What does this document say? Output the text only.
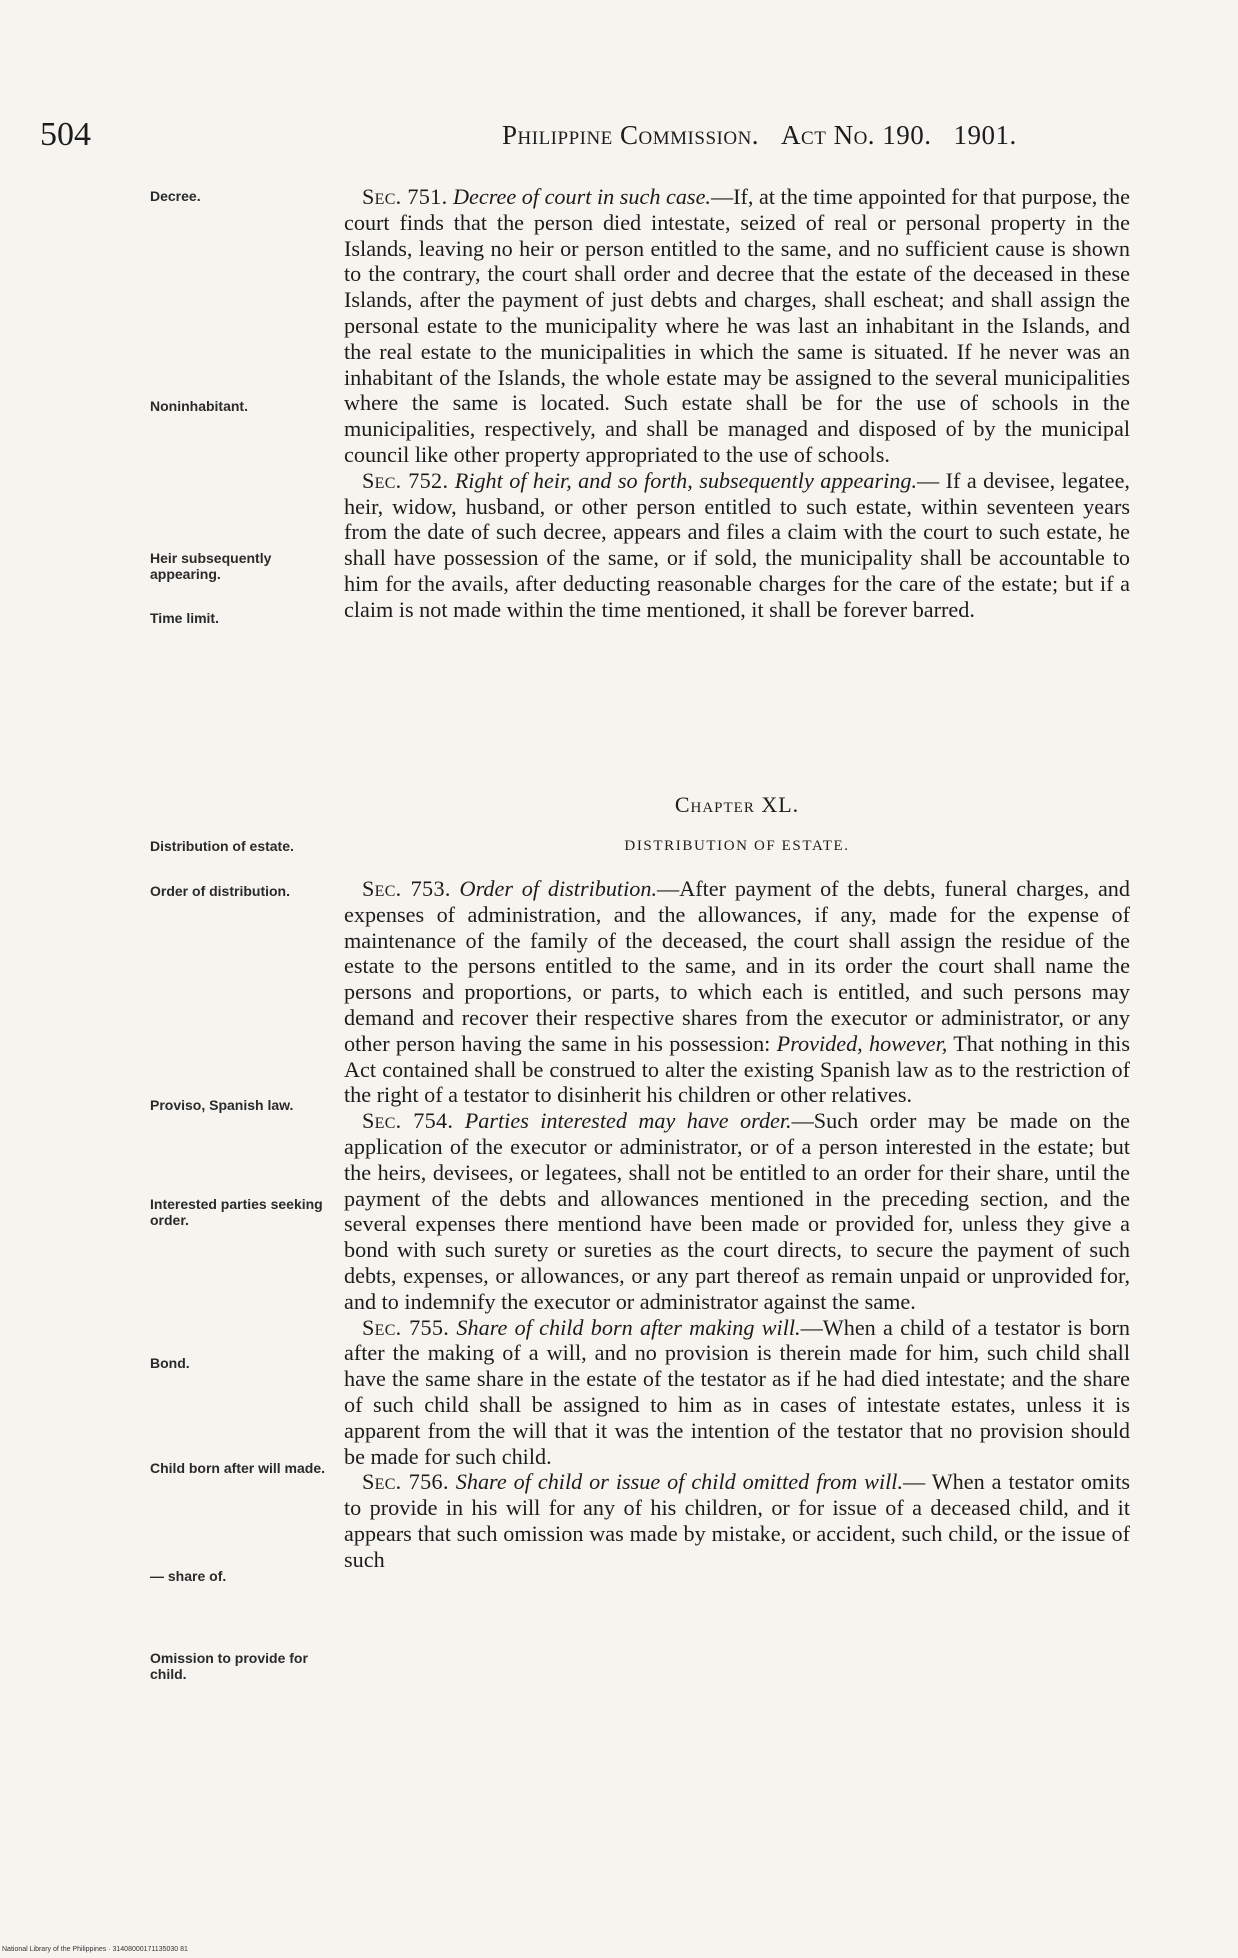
504	Philippine Commission. Act No. 190. 1901.
Decree.
Noninhabitant.
Heir subsequently appearing.
Time limit.
Distribution of estate.
Order of distribution.
Proviso, Spanish law.
Interested parties seeking order.
Bond.
Child born after will made.
— share of.
Omission to provide for child.

Sec. 751. Decree of court in such case.—If, at the time appointed for that purpose, the court finds that the person died intestate, seized of real or personal property in the Islands, leaving no heir or person entitled to the same, and no sufficient cause is shown to the contrary, the court shall order and decree that the estate of the deceased in these Islands, after the payment of just debts and charges, shall escheat; and shall assign the personal estate to the municipality where he was last an inhabitant in the Islands, and the real estate to the municipalities in which the same is situated. If he never was an inhabitant of the Islands, the whole estate may be assigned to the several municipalities where the same is located. Such estate shall be for the use of schools in the municipalities, respectively, and shall be managed and disposed of by the municipal council like other property appropriated to the use of schools.

Sec. 752. Right of heir, and so forth, subsequently appearing.— If a devisee, legatee, heir, widow, husband, or other person entitled to such estate, within seventeen years from the date of such decree, appears and files a claim with the court to such estate, he shall have possession of the same, or if sold, the municipality shall be accountable to him for the avails, after deducting reasonable charges for the care of the estate; but if a claim is not made within the time mentioned, it shall be forever barred.

Chapter XL.
DISTRIBUTION OF ESTATE.

Sec. 753. Order of distribution.—After payment of the debts, funeral charges, and expenses of administration, and the allowances, if any, made for the expense of maintenance of the family of the deceased, the court shall assign the residue of the estate to the persons entitled to the same, and in its order the court shall name the persons and proportions, or parts, to which each is entitled, and such persons may demand and recover their respective shares from the executor or administrator, or any other person having the same in his possession: Provided, however, That nothing in this Act contained shall be construed to alter the existing Spanish law as to the restriction of the right of a testator to disinherit his children or other relatives.

Sec. 754. Parties interested may have order.—Such order may be made on the application of the executor or administrator, or of a person interested in the estate; but the heirs, devisees, or legatees, shall not be entitled to an order for their share, until the payment of the debts and allowances mentioned in the preceding section, and the several expenses there mentiond have been made or provided for, unless they give a bond with such surety or sureties as the court directs, to secure the payment of such debts, expenses, or allowances, or any part thereof as remain unpaid or unprovided for, and to indemnify the executor or administrator against the same.

Sec. 755. Share of child born after making will.—When a child of a testator is born after the making of a will, and no provision is therein made for him, such child shall have the same share in the estate of the testator as if he had died intestate; and the share of such child shall be assigned to him as in cases of intestate estates, unless it is apparent from the will that it was the intention of the testator that no provision should be made for such child.

Sec. 756. Share of child or issue of child omitted from will.— When a testator omits to provide in his will for any of his children, or for issue of a deceased child, and it appears that such omission was made by mistake, or accident, such child, or the issue of such

National Library of the Philippines · 31408000171135030 81
